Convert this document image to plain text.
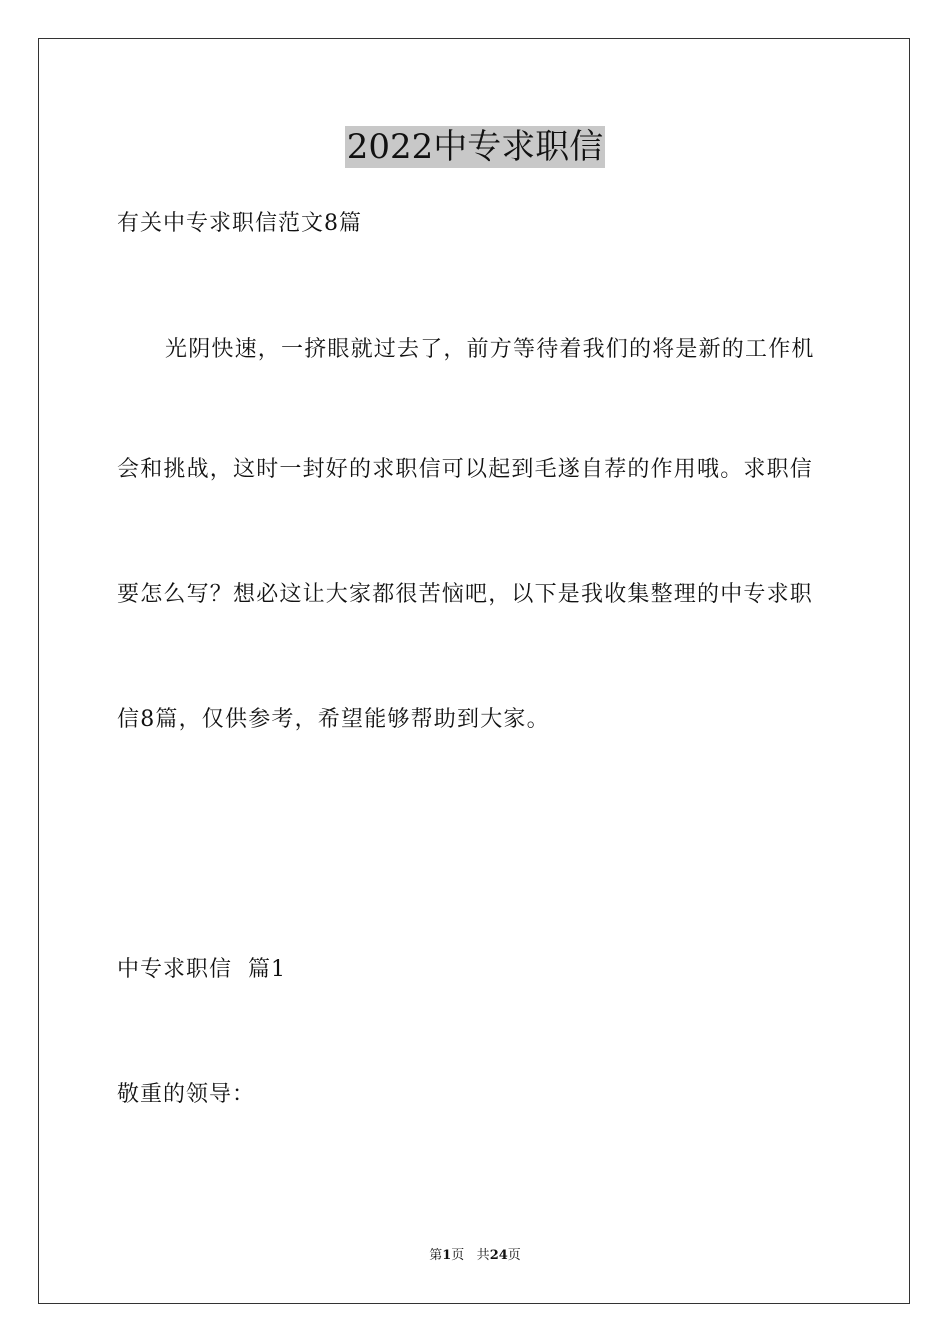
2022中专求职信
有关中专求职信范文8篇
光阴快速，一挤眼就过去了，前方等待着我们的将是新的工作机
会和挑战，这时一封好的求职信可以起到毛遂自荐的作用哦。求职信
要怎么写？想必这让大家都很苦恼吧，以下是我收集整理的中专求职
信8篇，仅供参考，希望能够帮助到大家。
中专求职信  篇1
敬重的领导：
第1页 共24页
